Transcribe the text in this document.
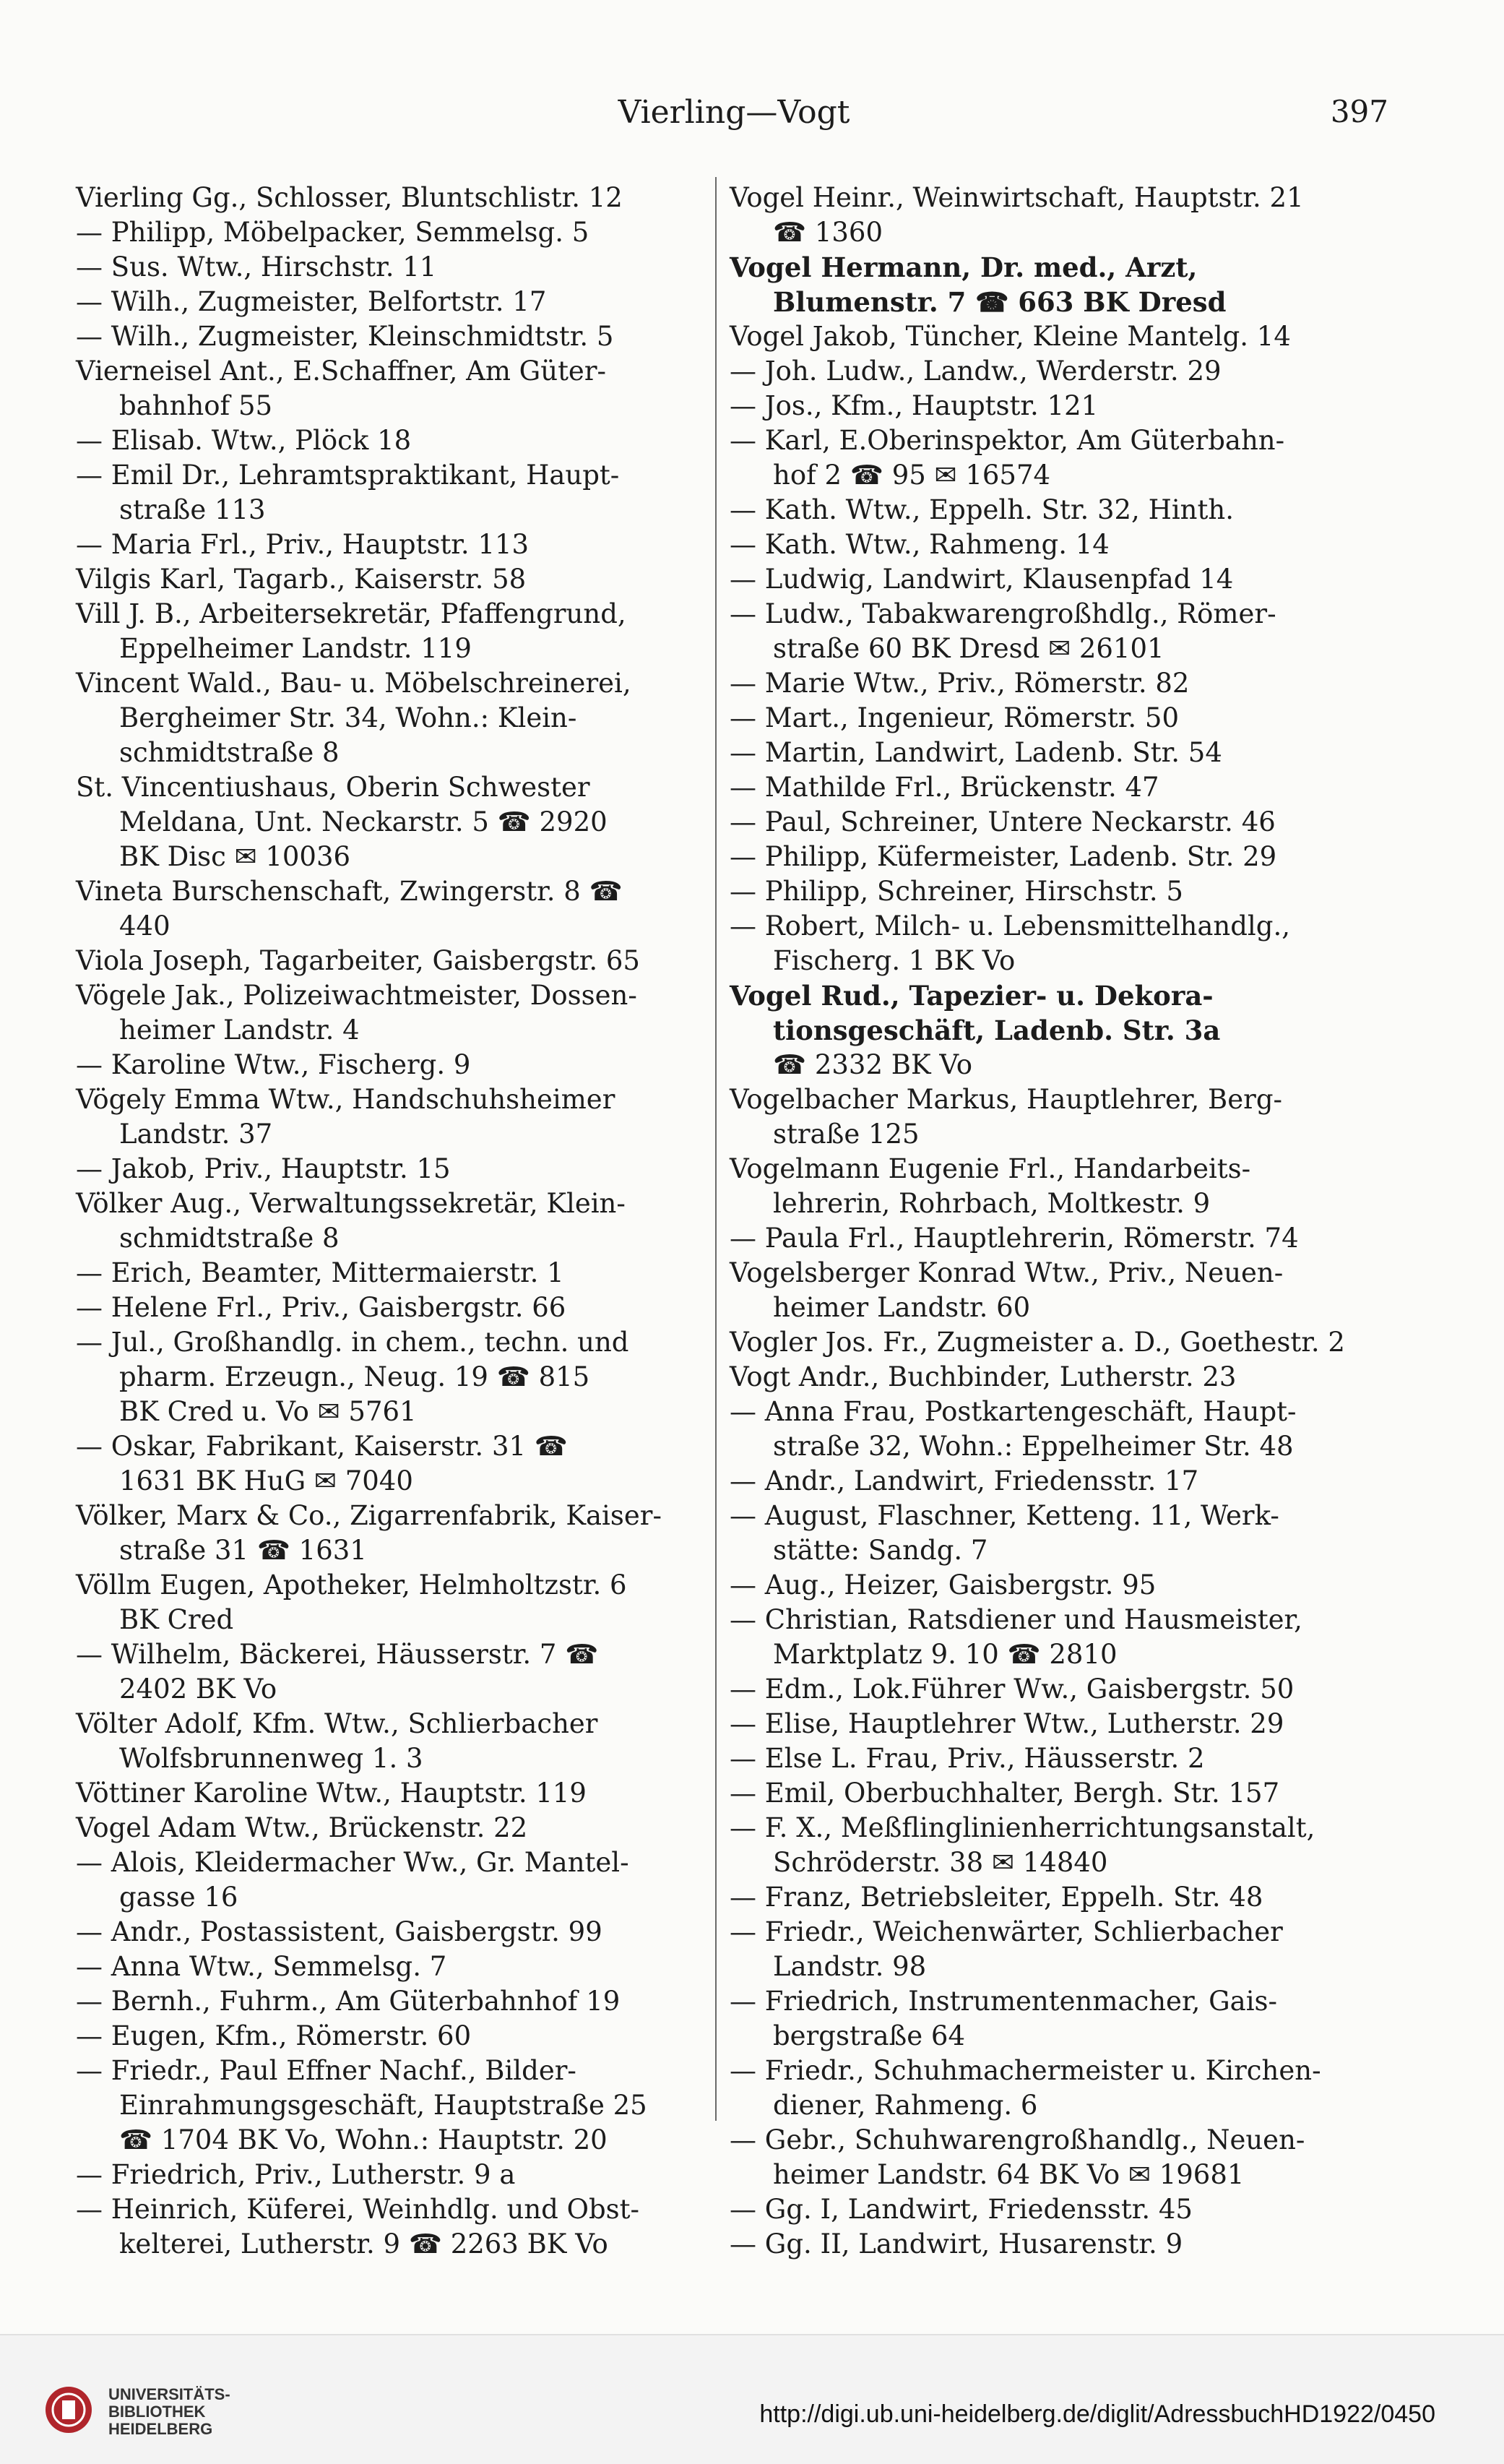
Vierling—Vogt	397

Vierling Gg., Schlosser, Bluntschlistr. 12

— Philipp, Möbelpacker, Semmelsg. 5

— Sus. Wtw., Hirschstr. 11

— Wilh., Zugmeister, Belfortstr. 17

— Wilh., Zugmeister, Kleinschmidtstr. 5

Vierneisel Ant., E.Schaffner, Am Güter-

bahnhof 55

— Elisab. Wtw., Plöck 18

— Emil Dr., Lehramtspraktikant, Haupt-

straße 113

— Maria Frl., Priv., Hauptstr. 113

Vilgis Karl, Tagarb., Kaiserstr. 58

Vill J. B., Arbeitersekretär, Pfaffengrund,

Eppelheimer Landstr. 119

Vincent Wald., Bau- u. Möbelschreinerei,

Bergheimer Str. 34, Wohn.: Klein-

schmidtstraße 8

St. Vincentiushaus, Oberin Schwester

Meldana, Unt. Neckarstr. 5 ☎ 2920

BK Disc ✉ 10036

Vineta Burschenschaft, Zwingerstr. 8 ☎

440

Viola Joseph, Tagarbeiter, Gaisbergstr. 65

Vögele Jak., Polizeiwachtmeister, Dossen-

heimer Landstr. 4

— Karoline Wtw., Fischerg. 9

Vögely Emma Wtw., Handschuhsheimer

Landstr. 37

— Jakob, Priv., Hauptstr. 15

Völker Aug., Verwaltungssekretär, Klein-

schmidtstraße 8

— Erich, Beamter, Mittermaierstr. 1

— Helene Frl., Priv., Gaisbergstr. 66

— Jul., Großhandlg. in chem., techn. und

pharm. Erzeugn., Neug. 19 ☎ 815

BK Cred u. Vo ✉ 5761

— Oskar, Fabrikant, Kaiserstr. 31 ☎

1631 BK HuG ✉ 7040

Völker, Marx & Co., Zigarrenfabrik, Kaiser-

straße 31 ☎ 1631

Völlm Eugen, Apotheker, Helmholtzstr. 6

BK Cred

— Wilhelm, Bäckerei, Häusserstr. 7 ☎

2402 BK Vo

Völter Adolf, Kfm. Wtw., Schlierbacher

Wolfsbrunnenweg 1. 3

Vöttiner Karoline Wtw., Hauptstr. 119

Vogel Adam Wtw., Brückenstr. 22

— Alois, Kleidermacher Ww., Gr. Mantel-

gasse 16

— Andr., Postassistent, Gaisbergstr. 99

— Anna Wtw., Semmelsg. 7

— Bernh., Fuhrm., Am Güterbahnhof 19

— Eugen, Kfm., Römerstr. 60

— Friedr., Paul Effner Nachf., Bilder-

Einrahmungsgeschäft, Hauptstraße 25

☎ 1704 BK Vo, Wohn.: Hauptstr. 20

— Friedrich, Priv., Lutherstr. 9 a

— Heinrich, Küferei, Weinhdlg. und Obst-

kelterei, Lutherstr. 9 ☎ 2263 BK Vo

Vogel Heinr., Weinwirtschaft, Hauptstr. 21

☎ 1360

Vogel Hermann, Dr. med., Arzt,

Blumenstr. 7 ☎ 663 BK Dresd

Vogel Jakob, Tüncher, Kleine Mantelg. 14

— Joh. Ludw., Landw., Werderstr. 29

— Jos., Kfm., Hauptstr. 121

— Karl, E.Oberinspektor, Am Güterbahn-

hof 2 ☎ 95 ✉ 16574

— Kath. Wtw., Eppelh. Str. 32, Hinth.

— Kath. Wtw., Rahmeng. 14

— Ludwig, Landwirt, Klausenpfad 14

— Ludw., Tabakwarengroßhdlg., Römer-

straße 60 BK Dresd ✉ 26101

— Marie Wtw., Priv., Römerstr. 82

— Mart., Ingenieur, Römerstr. 50

— Martin, Landwirt, Ladenb. Str. 54

— Mathilde Frl., Brückenstr. 47

— Paul, Schreiner, Untere Neckarstr. 46

— Philipp, Küfermeister, Ladenb. Str. 29

— Philipp, Schreiner, Hirschstr. 5

— Robert, Milch- u. Lebensmittelhandlg.,

Fischerg. 1 BK Vo

Vogel Rud., Tapezier- u. Dekora-

tionsgeschäft, Ladenb. Str. 3a

☎ 2332 BK Vo

Vogelbacher Markus, Hauptlehrer, Berg-

straße 125

Vogelmann Eugenie Frl., Handarbeits-

lehrerin, Rohrbach, Moltkestr. 9

— Paula Frl., Hauptlehrerin, Römerstr. 74

Vogelsberger Konrad Wtw., Priv., Neuen-

heimer Landstr. 60

Vogler Jos. Fr., Zugmeister a. D., Goethestr. 2

Vogt Andr., Buchbinder, Lutherstr. 23

— Anna Frau, Postkartengeschäft, Haupt-

straße 32, Wohn.: Eppelheimer Str. 48

— Andr., Landwirt, Friedensstr. 17

— August, Flaschner, Ketteng. 11, Werk-

stätte: Sandg. 7

— Aug., Heizer, Gaisbergstr. 95

— Christian, Ratsdiener und Hausmeister,

Marktplatz 9. 10 ☎ 2810

— Edm., Lok.Führer Ww., Gaisbergstr. 50

— Elise, Hauptlehrer Wtw., Lutherstr. 29

— Else L. Frau, Priv., Häusserstr. 2

— Emil, Oberbuchhalter, Bergh. Str. 157

— F. X., Meßflinglinienherrichtungsanstalt,

Schröderstr. 38 ✉ 14840

— Franz, Betriebsleiter, Eppelh. Str. 48

— Friedr., Weichenwärter, Schlierbacher

Landstr. 98

— Friedrich, Instrumentenmacher, Gais-

bergstraße 64

— Friedr., Schuhmachermeister u. Kirchen-

diener, Rahmeng. 6

— Gebr., Schuhwarengroßhandlg., Neuen-

heimer Landstr. 64 BK Vo ✉ 19681

— Gg. I, Landwirt, Friedensstr. 45

— Gg. II, Landwirt, Husarenstr. 9

UNIVERSITÄTS-
BIBLIOTHEK
HEIDELBERG
http://digi.ub.uni-heidelberg.de/diglit/AdressbuchHD1922/0450
